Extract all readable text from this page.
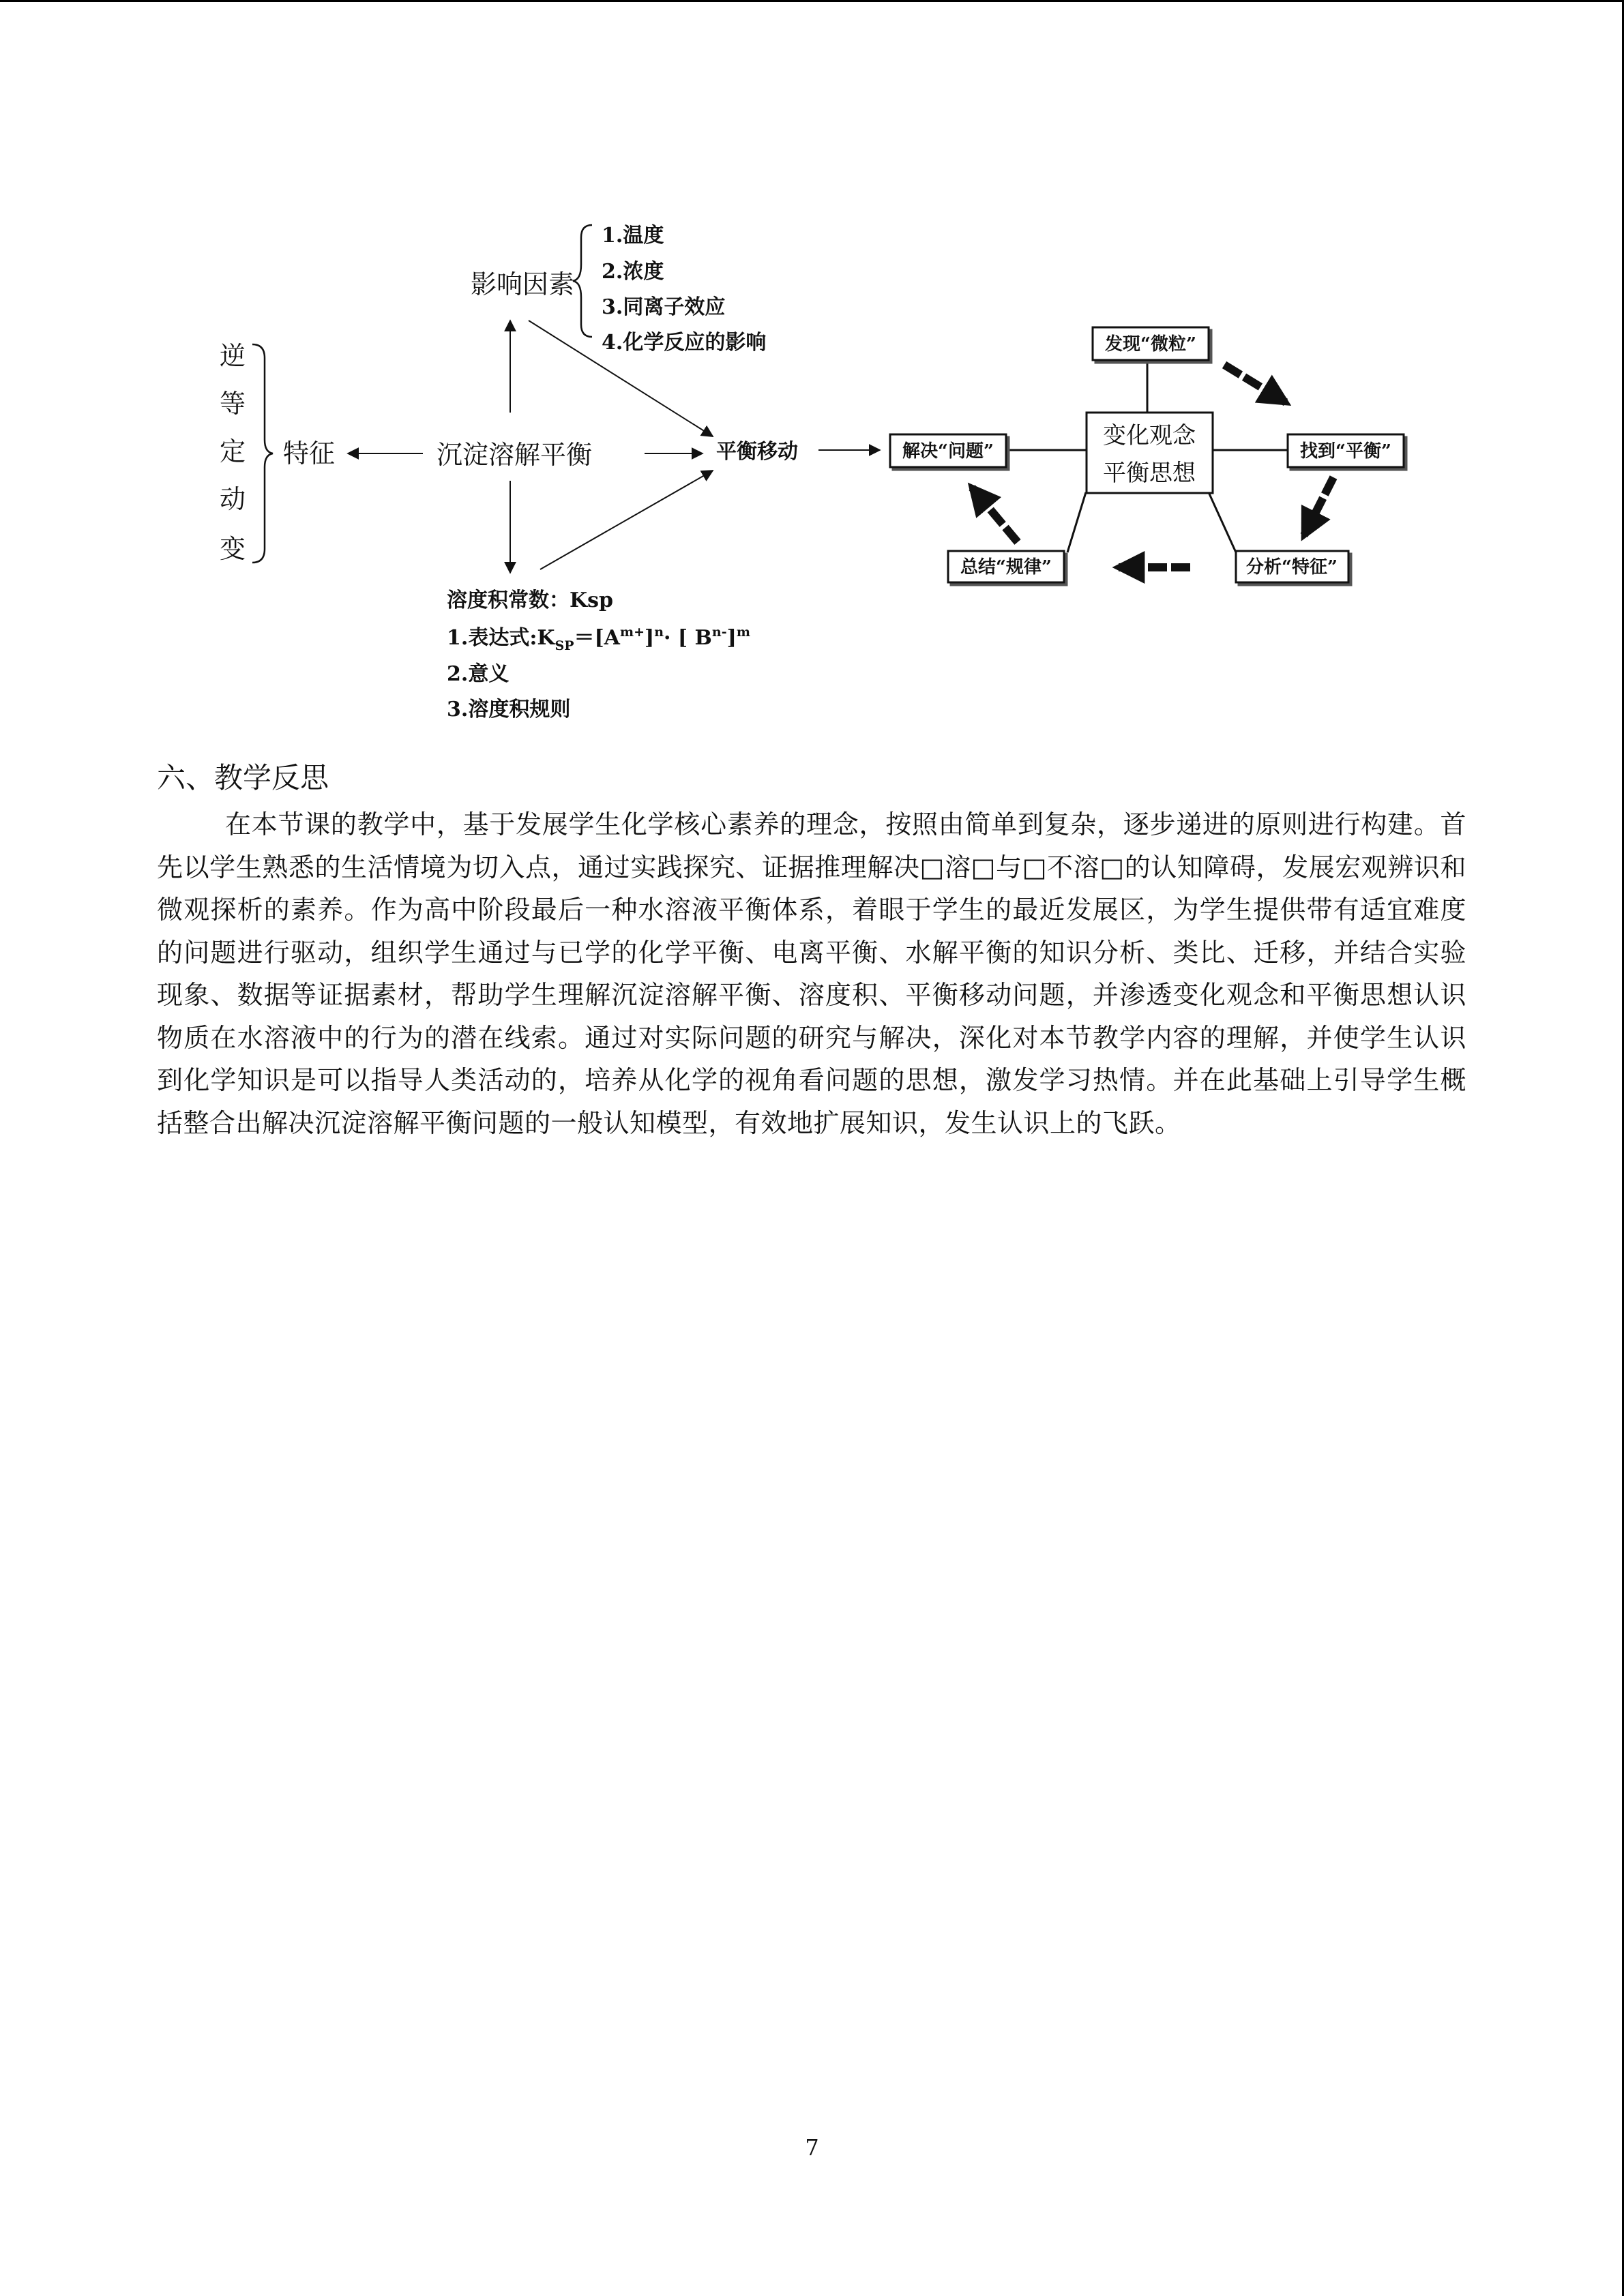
逆
等
定
动
变
特征	沉淀溶解平衡
影响因素
1.温度
2.浓度
3.同离子效应
4.化学反应的影响
平衡移动
溶度积常数：Ksp
1.表达式$:K_{SP}=[A^{m+}]^n\cdot$ [ $B^{n-}]^m$
2.意义
3.溶度积规则
变化观念
平衡思想
发现“微粒”
找到“平衡”
分析“特征”
总结“规律”
解决“问题”
六、教学反思
在本节课的教学中，基于发展学生化学核心素养的理念，按照由简单到复杂，逐步递进的原则进行构建。首先以学生熟悉的生活情境为切入点，通过实践探究、证据推理解决□溶□与□不溶□的认知障碍，发展宏观辨识和微观探析的素养。作为高中阶段最后一种水溶液平衡体系，着眼于学生的最近发展区，为学生提供带有适宜难度的问题进行驱动，组织学生通过与已学的化学平衡、电离平衡、水解平衡的知识分析、类比、迁移，并结合实验现象、数据等证据素材，帮助学生理解沉淀溶解平衡、溶度积、平衡移动问题，并渗透变化观念和平衡思想认识物质在水溶液中的行为的潜在线索。通过对实际问题的研究与解决，深化对本节教学内容的理解，并使学生认识到化学知识是可以指导人类活动的，培养从化学的视角看问题的思想，激发学习热情。并在此基础上引导学生概括整合出解决沉淀溶解平衡问题的一般认知模型，有效地扩展知识，发生认识上的飞跃。
7
